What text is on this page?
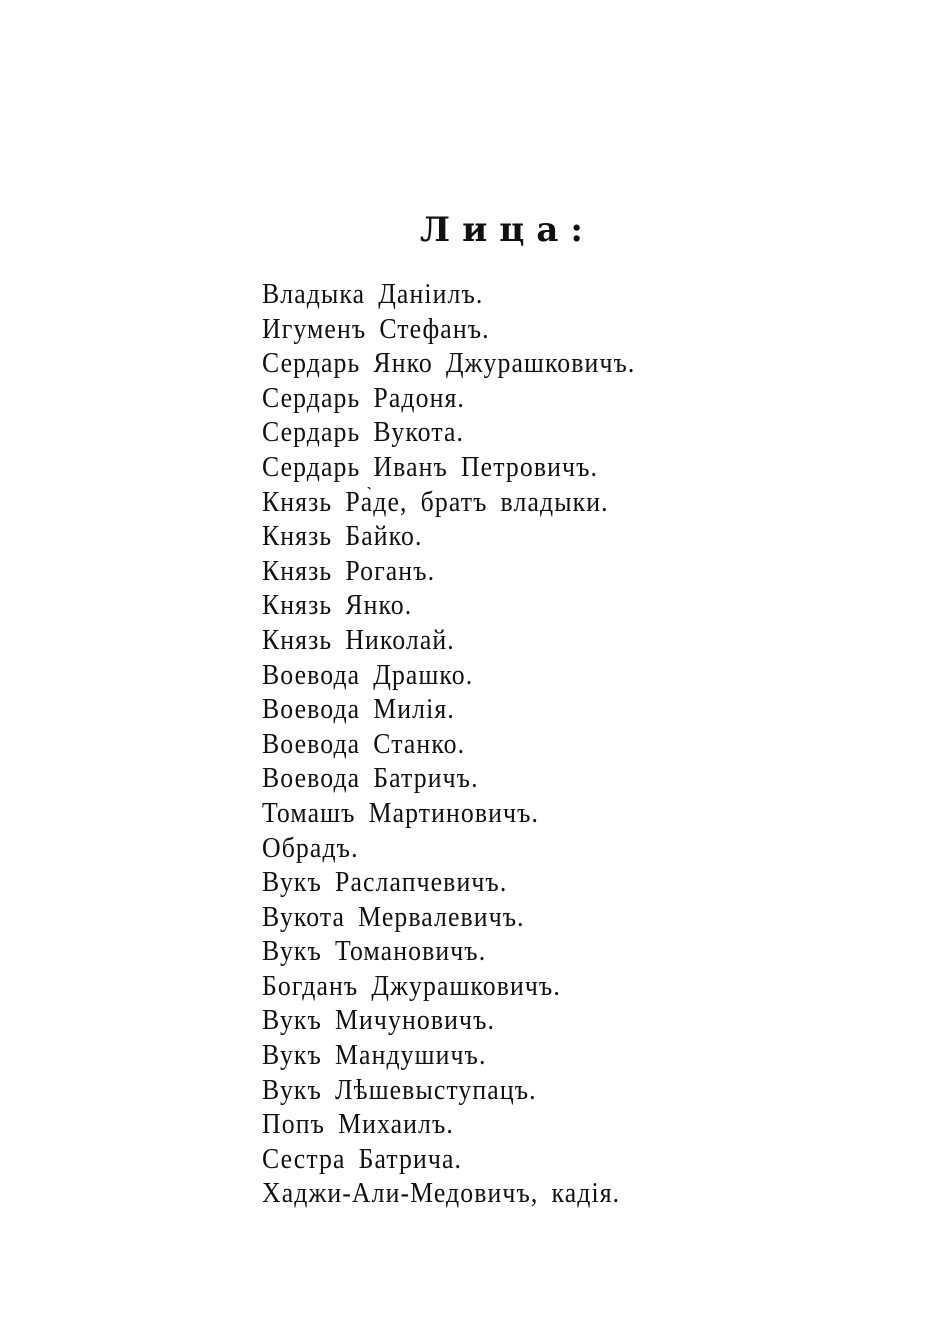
Лица:
Владыка Даніилъ.
Игуменъ Стефанъ.
Сердарь Янко Джурашковичъ.
Сердарь Радоня.
Сердарь Вукота.
Сердарь Иванъ Петровичъ.
Князь Ра̀де, братъ владыки.
Князь Байко.
Князь Роганъ.
Князь Янко.
Князь Николай.
Воевода Драшко.
Воевода Милія.
Воевода Станко.
Воевода Батричъ.
Томашъ Мартиновичъ.
Обрадъ.
Вукъ Раслапчевичъ.
Вукота Мервалевичъ.
Вукъ Томановичъ.
Богданъ Джурашковичъ.
Вукъ Мичуновичъ.
Вукъ Мандушичъ.
Вукъ Лѣшевыступацъ.
Попъ Михаилъ.
Сестра Батрича.
Хаджи-Али-Медовичъ, кадія.
